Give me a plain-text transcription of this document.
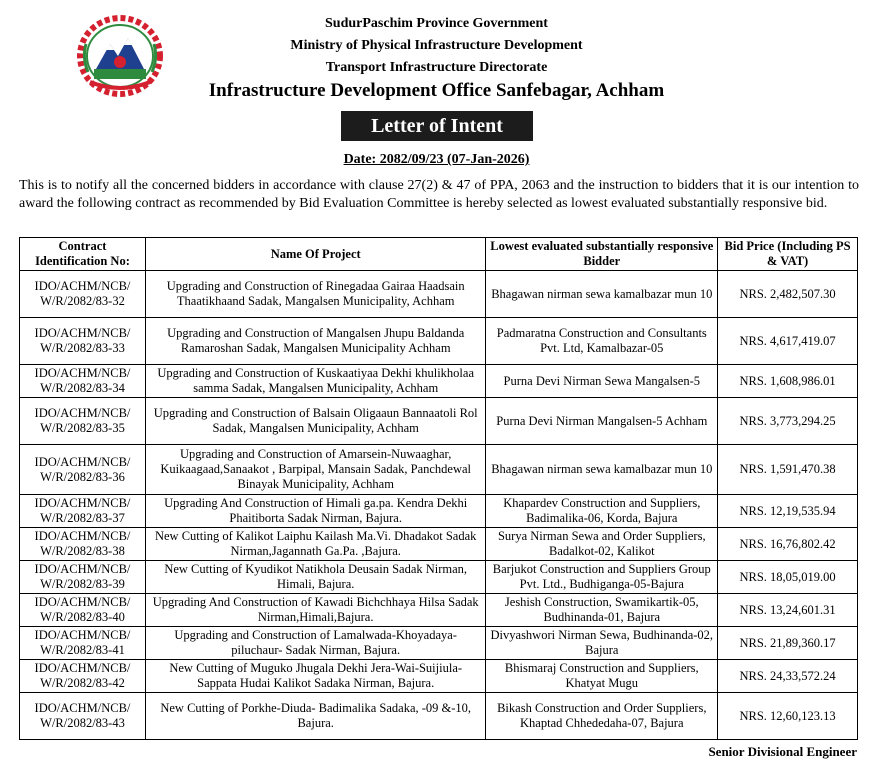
SudurPaschim Province Government
Ministry of Physical Infrastructure Development
Transport Infrastructure Directorate
Infrastructure Development Office Sanfebagar, Achham
Letter of Intent
Date: 2082/09/23 (07-Jan-2026)
This is to notify all the concerned bidders in accordance with clause 27(2) & 47 of PPA, 2063 and the instruction to bidders that it is our intention to award the following contract as recommended by Bid Evaluation Committee is hereby selected as lowest evaluated substantially responsive bid.
Contract Identification No:	Name Of Project	Lowest evaluated substantially responsive Bidder	Bid Price (Including PS & VAT)
IDO/ACHM/NCB/ W/R/2082/83-32	Upgrading and Construction of Rinegadaa Gairaa Haadsain Thaatikhaand Sadak, Mangalsen Municipality, Achham	Bhagawan nirman sewa kamalbazar mun 10	NRS. 2,482,507.30
IDO/ACHM/NCB/ W/R/2082/83-33	Upgrading and Construction of Mangalsen Jhupu Baldanda Ramaroshan Sadak, Mangalsen Municipality Achham	Padmaratna Construction and Consultants Pvt. Ltd, Kamalbazar-05	NRS. 4,617,419.07
IDO/ACHM/NCB/ W/R/2082/83-34	Upgrading and Construction of Kuskaatiyaa Dekhi khulikholaa samma Sadak, Mangalsen Municipality, Achham	Purna Devi Nirman Sewa Mangalsen-5	NRS. 1,608,986.01
IDO/ACHM/NCB/ W/R/2082/83-35	Upgrading and Construction of Balsain Oligaaun Bannaatoli Rol Sadak, Mangalsen Municipality, Achham	Purna Devi Nirman Mangalsen-5 Achham	NRS. 3,773,294.25
IDO/ACHM/NCB/ W/R/2082/83-36	Upgrading and Construction of Amarsein-Nuwaaghar, Kuikaagaad,Sanaakot , Barpipal, Mansain Sadak, Panchdewal Binayak Municipality, Achham	Bhagawan nirman sewa kamalbazar mun 10	NRS. 1,591,470.38
IDO/ACHM/NCB/ W/R/2082/83-37	Upgrading And Construction of Himali ga.pa. Kendra Dekhi Phaitiborta Sadak Nirman, Bajura.	Khapardev Construction and Suppliers, Badimalika-06, Korda, Bajura	NRS. 12,19,535.94
IDO/ACHM/NCB/ W/R/2082/83-38	New Cutting of Kalikot Laiphu Kailash Ma.Vi. Dhadakot Sadak Nirman,Jagannath Ga.Pa. ,Bajura.	Surya Nirman Sewa and Order Suppliers, Badalkot-02, Kalikot	NRS. 16,76,802.42
IDO/ACHM/NCB/ W/R/2082/83-39	New Cutting of Kyudikot Natikhola Deusain Sadak Nirman, Himali, Bajura.	Barjukot Construction and Suppliers Group Pvt. Ltd., Budhiganga-05-Bajura	NRS. 18,05,019.00
IDO/ACHM/NCB/ W/R/2082/83-40	Upgrading And Construction of Kawadi Bichchhaya Hilsa Sadak Nirman,Himali,Bajura.	Jeshish Construction, Swamikartik-05, Budhinanda-01, Bajura	NRS. 13,24,601.31
IDO/ACHM/NCB/ W/R/2082/83-41	Upgrading and Construction of Lamalwada-Khoyadaya- piluchaur- Sadak Nirman, Bajura.	Divyashwori Nirman Sewa, Budhinanda-02, Bajura	NRS. 21,89,360.17
IDO/ACHM/NCB/ W/R/2082/83-42	New Cutting of Muguko Jhugala Dekhi Jera-Wai-Suijiula- Sappata Hudai Kalikot Sadaka Nirman, Bajura.	Bhismaraj Construction and Suppliers, Khatyat Mugu	NRS. 24,33,572.24
IDO/ACHM/NCB/ W/R/2082/83-43	New Cutting of Porkhe-Diuda- Badimalika Sadaka, -09 &-10, Bajura.	Bikash Construction and Order Suppliers, Khaptad Chhededaha-07, Bajura	NRS. 12,60,123.13
Senior Divisional Engineer
